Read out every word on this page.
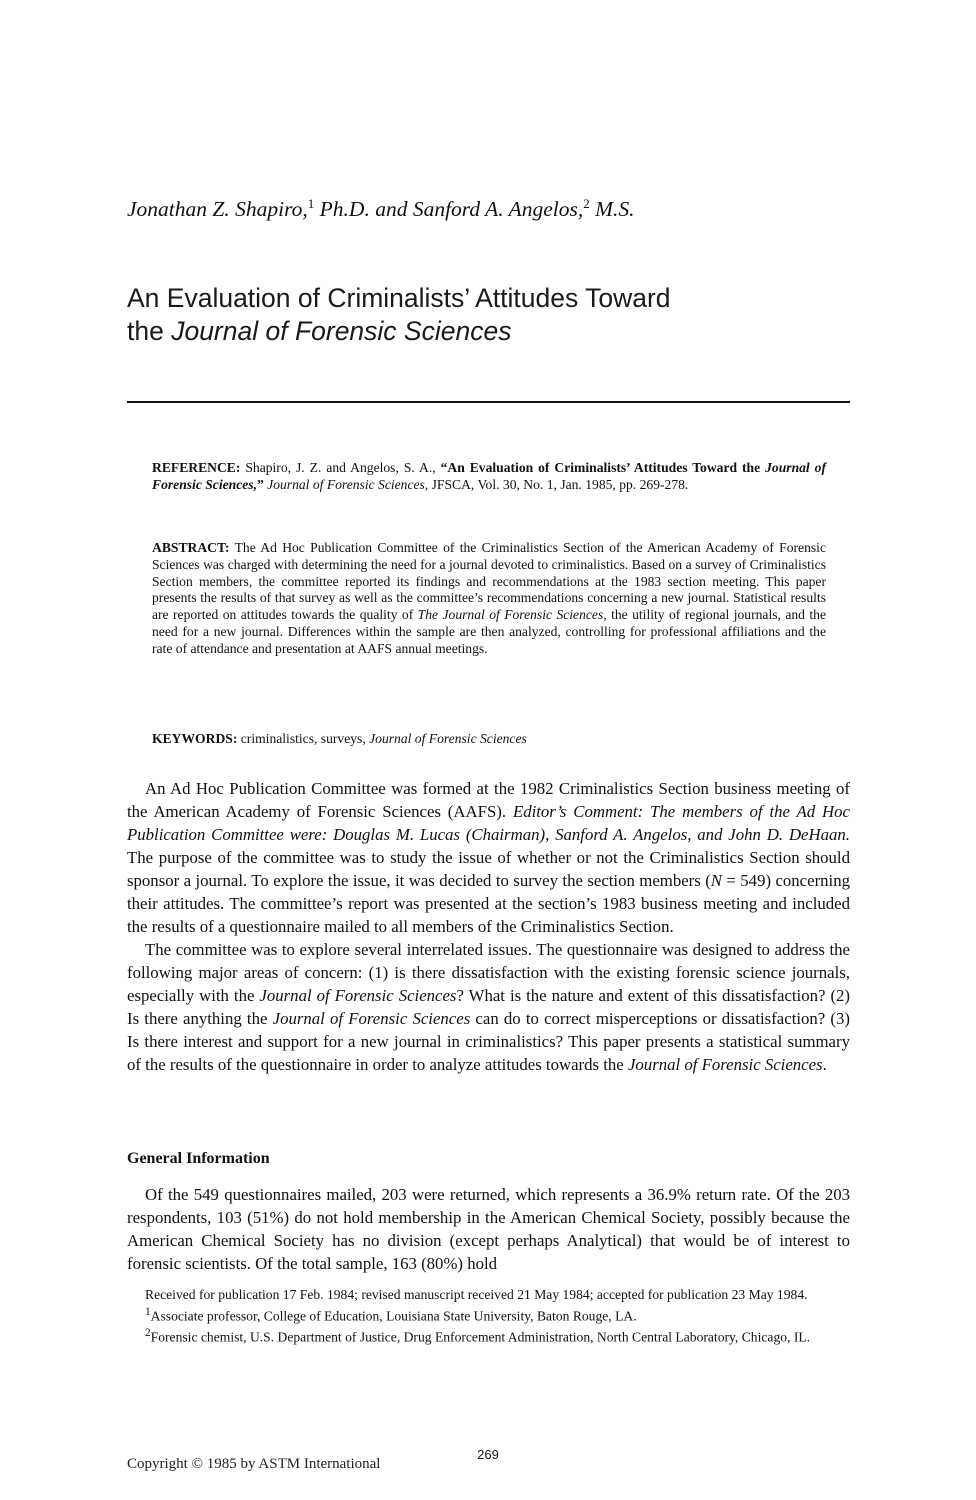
Jonathan Z. Shapiro,$^1$ Ph.D. and Sanford A. Angelos,$^2$ M.S.
An Evaluation of Criminalists’ Attitudes Toward
the Journal of Forensic Sciences
REFERENCE: Shapiro, J. Z. and Angelos, S. A., “An Evaluation of Criminalists’ Attitudes Toward the Journal of Forensic Sciences,” Journal of Forensic Sciences, JFSCA, Vol. 30, No. 1, Jan. 1985, pp. 269-278.
ABSTRACT: The Ad Hoc Publication Committee of the Criminalistics Section of the American Academy of Forensic Sciences was charged with determining the need for a journal devoted to criminalistics. Based on a survey of Criminalistics Section members, the committee reported its findings and recommendations at the 1983 section meeting. This paper presents the results of that survey as well as the committee’s recommendations concerning a new journal. Statistical results are reported on attitudes towards the quality of The Journal of Forensic Sciences, the utility of regional journals, and the need for a new journal. Differences within the sample are then analyzed, controlling for professional affiliations and the rate of attendance and presentation at AAFS annual meetings.
KEYWORDS: criminalistics, surveys, Journal of Forensic Sciences

An Ad Hoc Publication Committee was formed at the 1982 Criminalistics Section business meeting of the American Academy of Forensic Sciences (AAFS). Editor’s Comment: The members of the Ad Hoc Publication Committee were: Douglas M. Lucas (Chairman), Sanford A. Angelos, and John D. DeHaan. The purpose of the committee was to study the issue of whether or not the Criminalistics Section should sponsor a journal. To explore the issue, it was decided to survey the section members (N = 549) concerning their attitudes. The committee’s report was presented at the section’s 1983 business meeting and included the results of a questionnaire mailed to all members of the Criminalistics Section.

The committee was to explore several interrelated issues. The questionnaire was designed to address the following major areas of concern: (1) is there dissatisfaction with the existing forensic science journals, especially with the Journal of Forensic Sciences? What is the nature and extent of this dissatisfaction? (2) Is there anything the Journal of Forensic Sciences can do to correct misperceptions or dissatisfaction? (3) Is there interest and support for a new journal in criminalistics? This paper presents a statistical summary of the results of the questionnaire in order to analyze attitudes towards the Journal of Forensic Sciences.

General Information

Of the 549 questionnaires mailed, 203 were returned, which represents a 36.9% return rate. Of the 203 respondents, 103 (51%) do not hold membership in the American Chemical Society, possibly because the American Chemical Society has no division (except perhaps Analytical) that would be of interest to forensic scientists. Of the total sample, 163 (80%) hold

Received for publication 17 Feb. 1984; revised manuscript received 21 May 1984; accepted for publication 23 May 1984.

$^1$Associate professor, College of Education, Louisiana State University, Baton Rouge, LA.

$^2$Forensic chemist, U.S. Department of Justice, Drug Enforcement Administration, North Central Laboratory, Chicago, IL.

269
Copyright © 1985 by ASTM International
